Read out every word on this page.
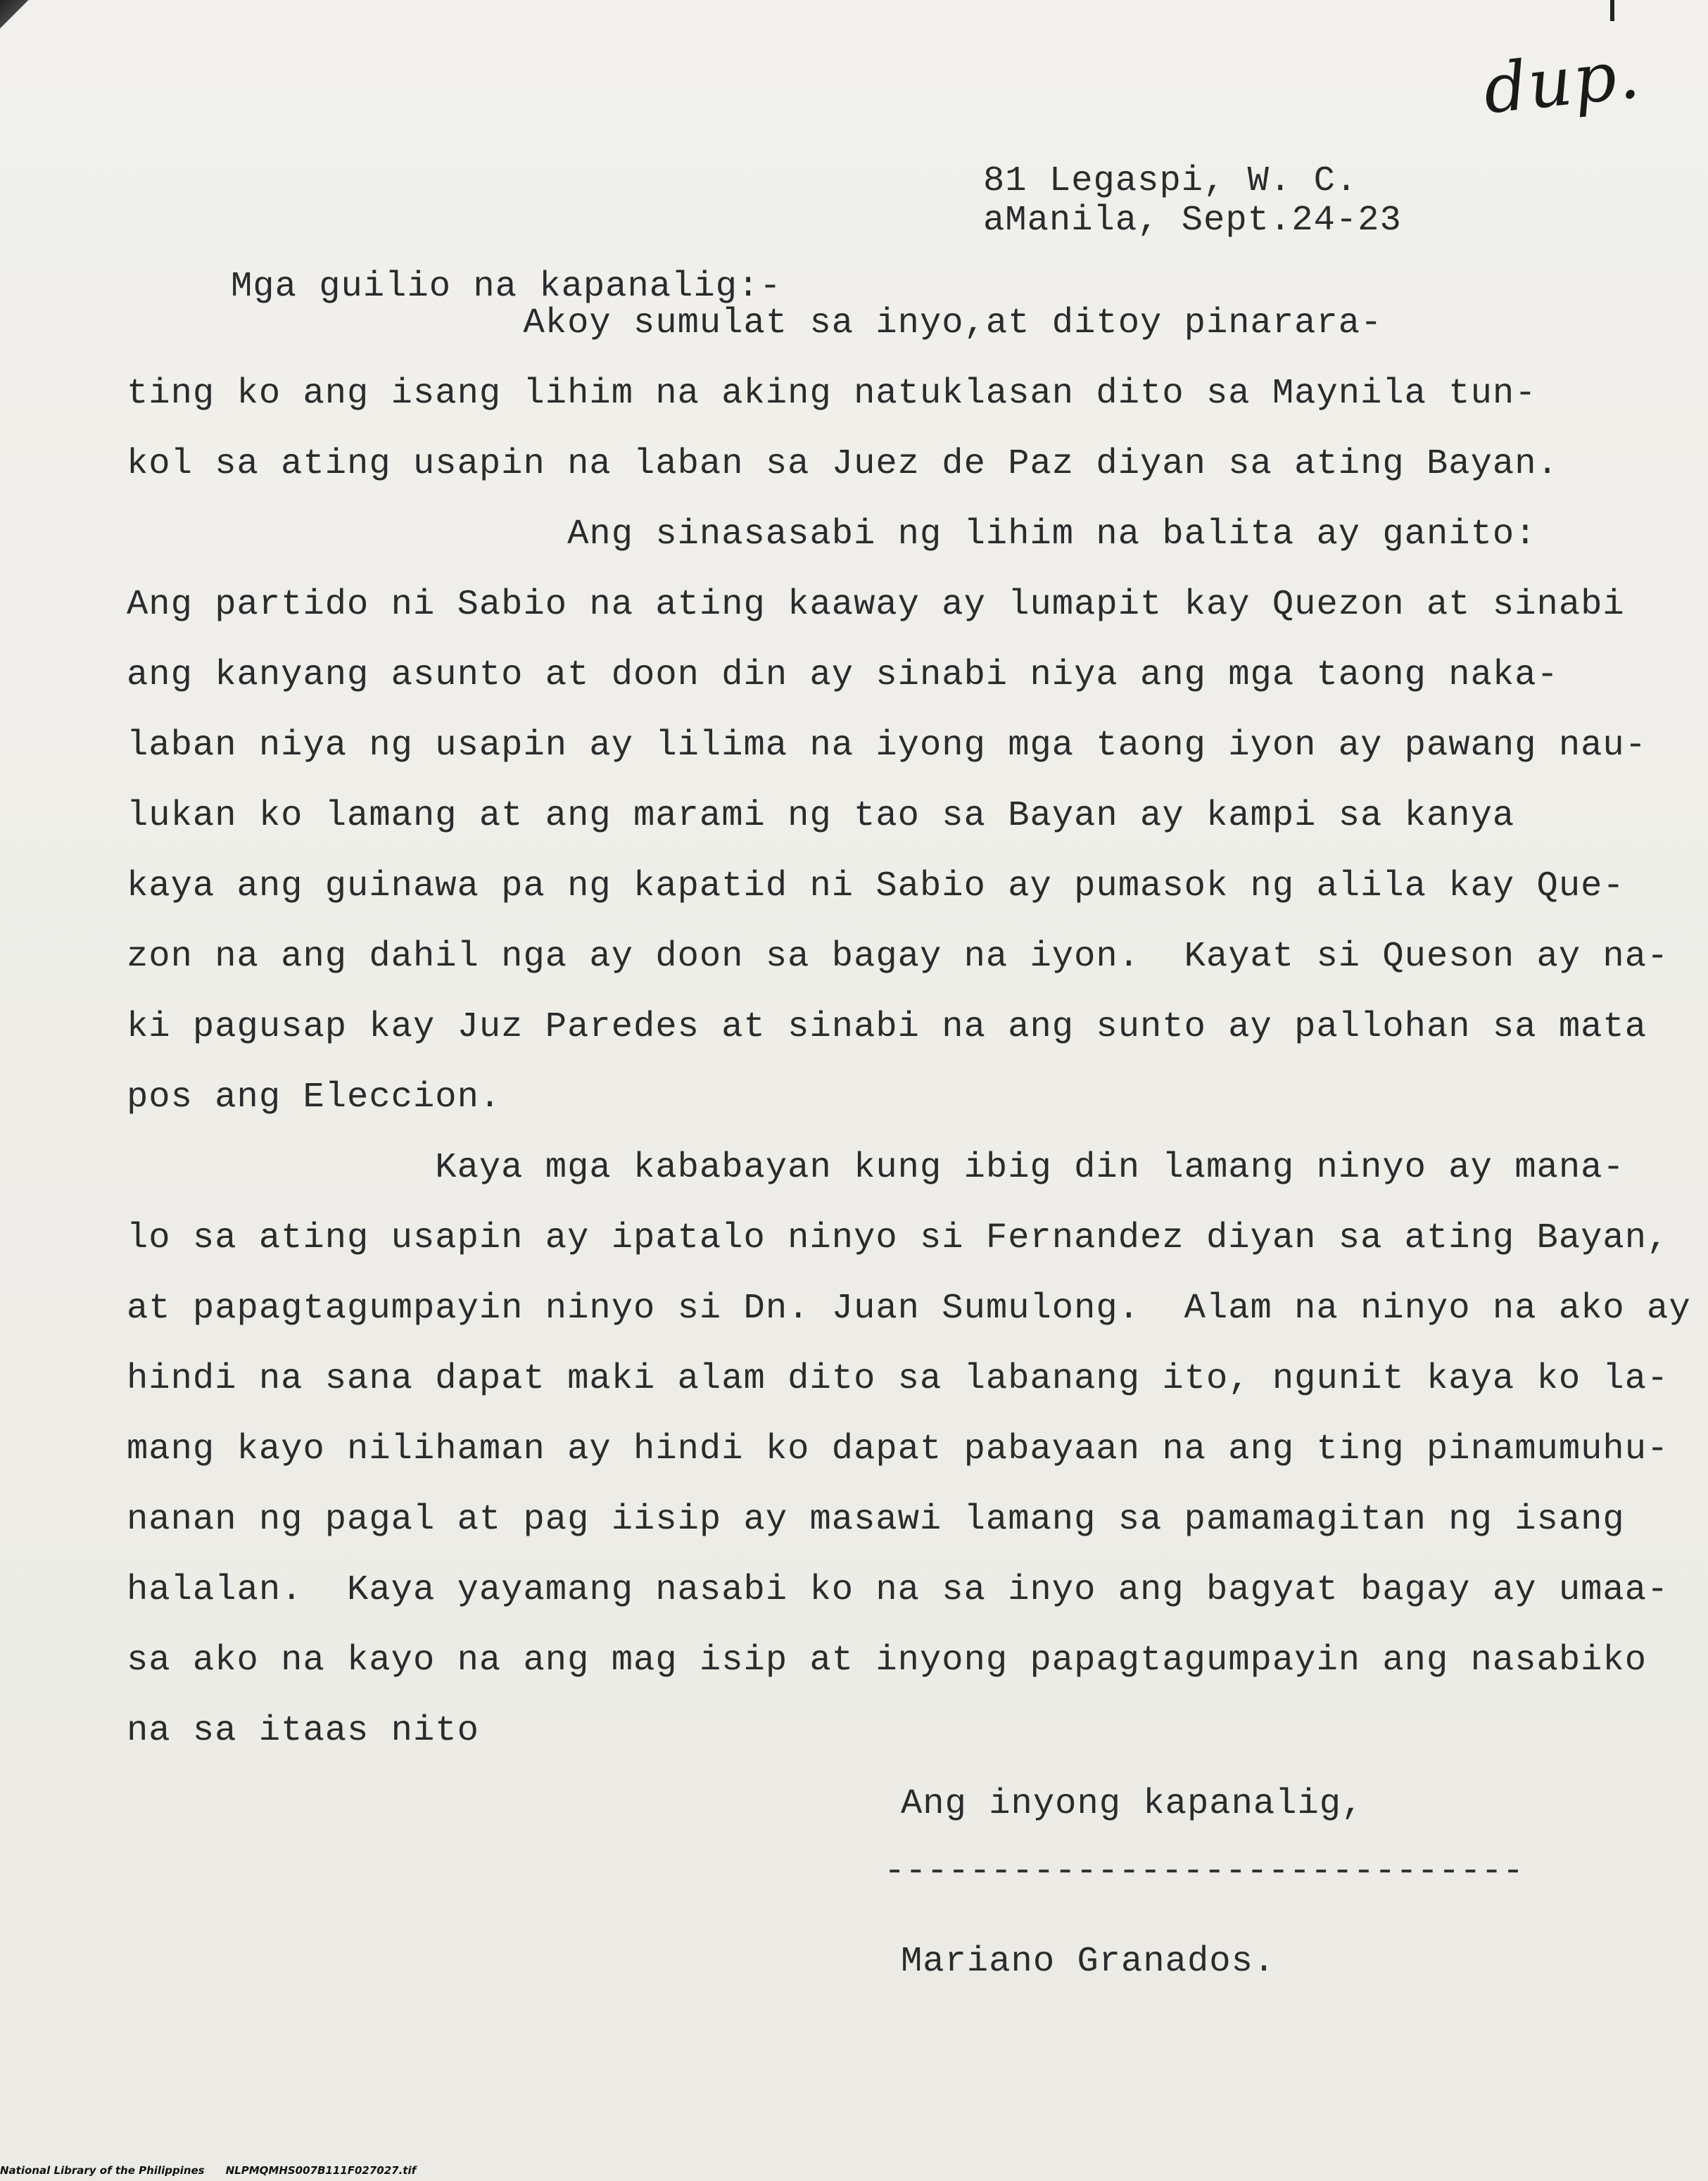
dup.
81 Legaspi, W. C.
aManila, Sept.24-23
Mga guilio na kapanalig:-
Akoy sumulat sa inyo,at ditoy pinarara-
ting ko ang isang lihim na aking natuklasan dito sa Maynila tun-
kol sa ating usapin na laban sa Juez de Paz diyan sa ating Bayan.
Ang sinasasabi ng lihim na balita ay ganito:
Ang partido ni Sabio na ating kaaway ay lumapit kay Quezon at sinabi
ang kanyang asunto at doon din ay sinabi niya ang mga taong naka-
laban niya ng usapin ay lilima na iyong mga taong iyon ay pawang nau-
lukan ko lamang at ang marami ng tao sa Bayan ay kampi sa kanya
kaya ang guinawa pa ng kapatid ni Sabio ay pumasok ng alila kay Que-
zon na ang dahil nga ay doon sa bagay na iyon.  Kayat si Queson ay na-
ki pagusap kay Juz Paredes at sinabi na ang sunto ay pallohan sa mata
pos ang Eleccion.
Kaya mga kababayan kung ibig din lamang ninyo ay mana-
lo sa ating usapin ay ipatalo ninyo si Fernandez diyan sa ating Bayan,
at papagtagumpayin ninyo si Dn. Juan Sumulong.  Alam na ninyo na ako ay
hindi na sana dapat maki alam dito sa labanang ito, ngunit kaya ko la-
mang kayo nilihaman ay hindi ko dapat pabayaan na ang ting pinamumuhu-
nanan ng pagal at pag iisip ay masawi lamang sa pamamagitan ng isang
halalan.  Kaya yayamang nasabi ko na sa inyo ang bagyat bagay ay umaa-
sa ako na kayo na ang mag isip at inyong papagtagumpayin ang nasabiko
na sa itaas nito
Ang inyong kapanalig,
------------------------------
Mariano Granados.
National Library of the Philippines NLPMQMHS007B111F027027.tif
